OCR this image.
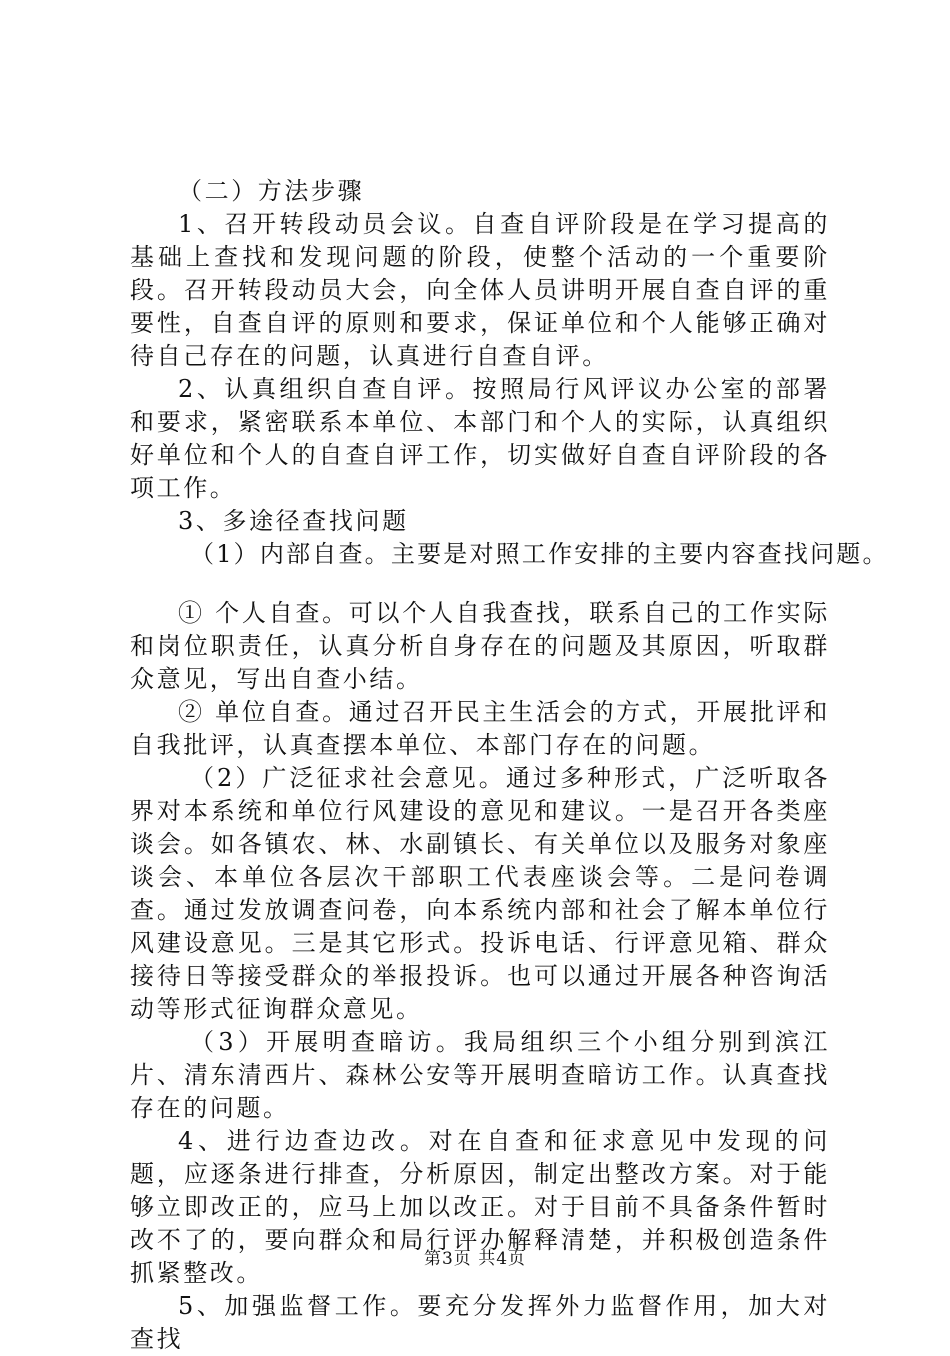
（二）方法步骤

1、召开转段动员会议。自查自评阶段是在学习提高的基础上查找和发现问题的阶段，使整个活动的一个重要阶段。召开转段动员大会，向全体人员讲明开展自查自评的重要性，自查自评的原则和要求，保证单位和个人能够正确对待自己存在的问题，认真进行自查自评。

2、认真组织自查自评。按照局行风评议办公室的部署和要求，紧密联系本单位、本部门和个人的实际，认真组织好单位和个人的自查自评工作，切实做好自查自评阶段的各项工作。

3、多途径查找问题

（1）内部自查。主要是对照工作安排的主要内容查找问题。

① 个人自查。可以个人自我查找，联系自己的工作实际和岗位职责任，认真分析自身存在的问题及其原因，听取群众意见，写出自查小结。

② 单位自查。通过召开民主生活会的方式，开展批评和自我批评，认真查摆本单位、本部门存在的问题。

（2）广泛征求社会意见。通过多种形式，广泛听取各界对本系统和单位行风建设的意见和建议。一是召开各类座谈会。如各镇农、林、水副镇长、有关单位以及服务对象座谈会、本单位各层次干部职工代表座谈会等。二是问卷调查。通过发放调查问卷，向本系统内部和社会了解本单位行风建设意见。三是其它形式。投诉电话、行评意见箱、群众接待日等接受群众的举报投诉。也可以通过开展各种咨询活动等形式征询群众意见。

（3）开展明查暗访。我局组织三个小组分别到滨江片、清东清西片、森林公安等开展明查暗访工作。认真查找存在的问题。

4、进行边查边改。对在自查和征求意见中发现的问题，应逐条进行排查，分析原因，制定出整改方案。对于能够立即改正的，应马上加以改正。对于目前不具备条件暂时改不了的，要向群众和局行评办解释清楚，并积极创造条件抓紧整改。

5、加强监督工作。要充分发挥外力监督作用，加大对查找

第3页 共4页
